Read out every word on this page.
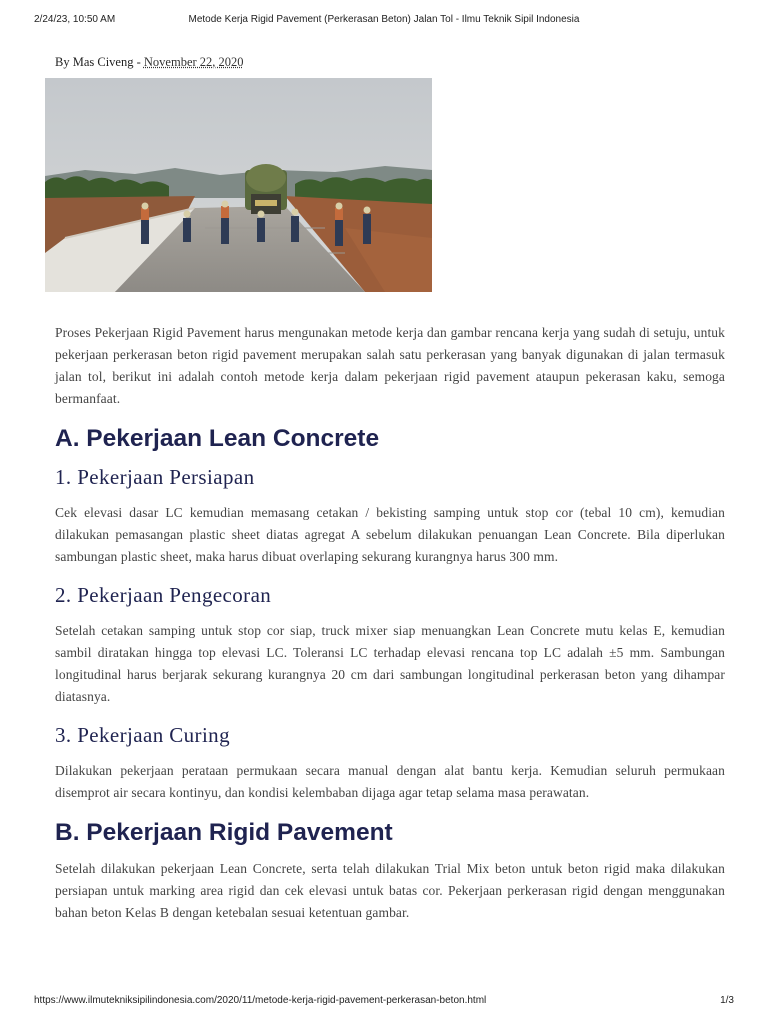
2/24/23, 10:50 AM	Metode Kerja Rigid Pavement (Perkerasan Beton) Jalan Tol - Ilmu Teknik Sipil Indonesia
By Mas Civeng - November 22, 2020

Proses Pekerjaan Rigid Pavement harus mengunakan metode kerja dan gambar rencana kerja yang sudah di setuju, untuk pekerjaan perkerasan beton rigid pavement merupakan salah satu perkerasan yang banyak digunakan di jalan termasuk jalan tol, berikut ini adalah contoh metode kerja dalam pekerjaan rigid pavement ataupun pekerasan kaku, semoga bermanfaat.

A. Pekerjaan Lean Concrete
1. Pekerjaan Persiapan

Cek elevasi dasar LC kemudian memasang cetakan / bekisting samping untuk stop cor (tebal 10 cm), kemudian dilakukan pemasangan plastic sheet diatas agregat A sebelum dilakukan penuangan Lean Concrete. Bila diperlukan sambungan plastic sheet, maka harus dibuat overlaping sekurang kurangnya harus 300 mm.

2. Pekerjaan Pengecoran

Setelah cetakan samping untuk stop cor siap, truck mixer siap menuangkan Lean Concrete mutu kelas E, kemudian sambil diratakan hingga top elevasi LC. Toleransi LC terhadap elevasi rencana top LC adalah ±5 mm. Sambungan longitudinal harus berjarak sekurang kurangnya 20 cm dari sambungan longitudinal perkerasan beton yang dihampar diatasnya.

3. Pekerjaan Curing

Dilakukan pekerjaan perataan permukaan secara manual dengan alat bantu kerja. Kemudian seluruh permukaan disemprot air secara kontinyu, dan kondisi kelembaban dijaga agar tetap selama masa perawatan.

B. Pekerjaan Rigid Pavement

Setelah dilakukan pekerjaan Lean Concrete, serta telah dilakukan Trial Mix beton untuk beton rigid maka dilakukan persiapan untuk marking area rigid dan cek elevasi untuk batas cor. Pekerjaan perkerasan rigid dengan menggunakan bahan beton Kelas B dengan ketebalan sesuai ketentuan gambar.

https://www.ilmutekniksipilindonesia.com/2020/11/metode-kerja-rigid-pavement-perkerasan-beton.html	1/3
